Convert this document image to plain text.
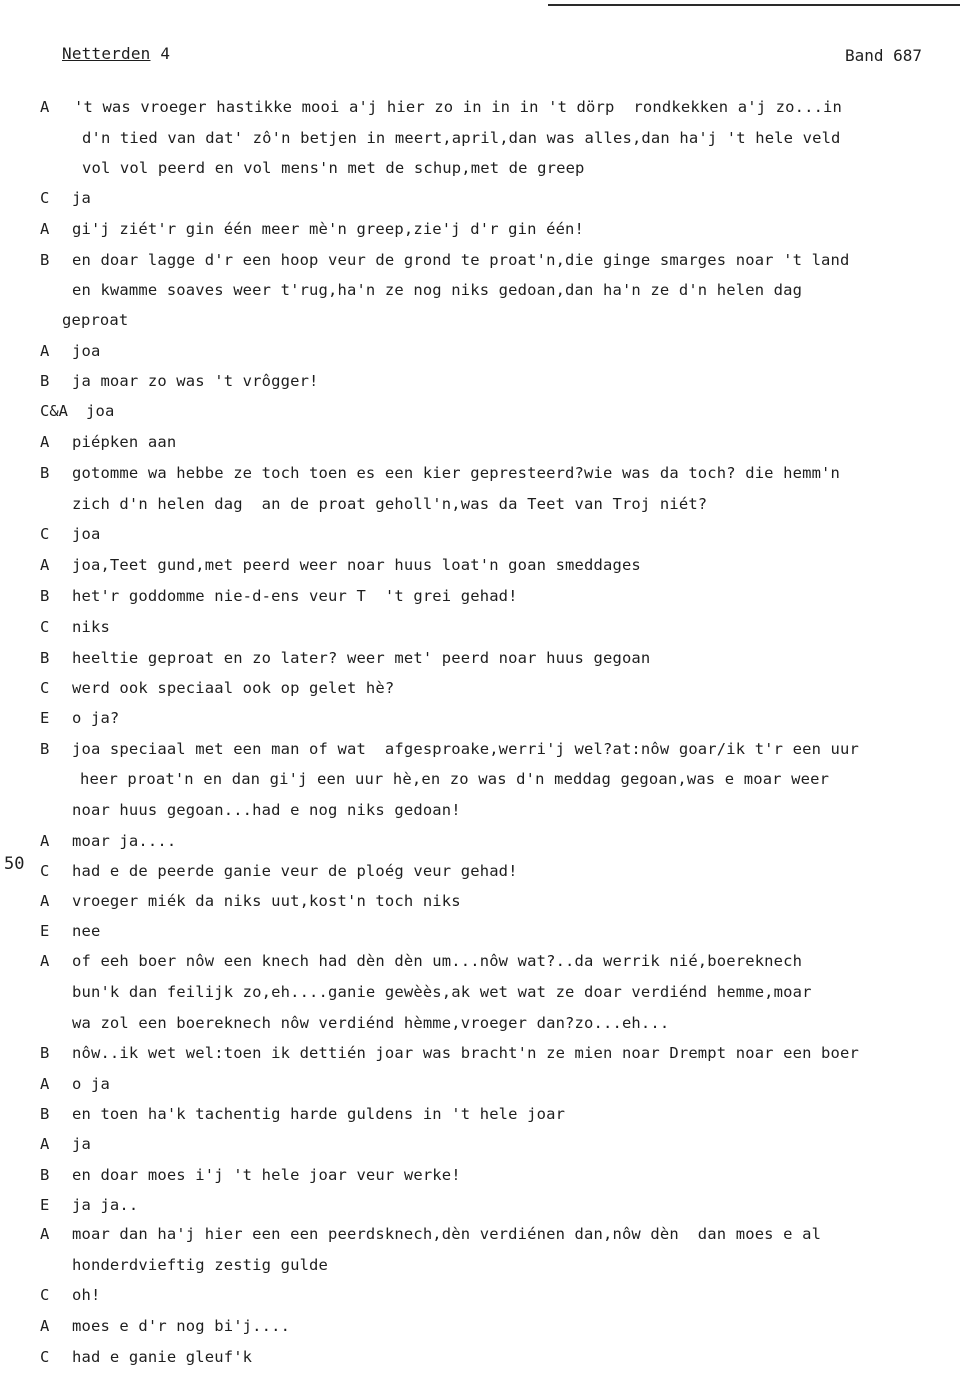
Netterden 4	Band 687
50
A 't was vroeger hastikke mooi a'j hier zo in in in 't dörp  rondkekken a'j zo...in
d'n tied van dat' zô'n betjen in meert,april,dan was alles,dan ha'j 't hele veld
vol vol peerd en vol mens'n met de schup,met de greep
C ja
A gi'j ziét'r gin één meer mè'n greep,zie'j d'r gin één!
B en doar lagge d'r een hoop veur de grond te proat'n,die ginge smarges noar 't land
en kwamme soaves weer t'rug,ha'n ze nog niks gedoan,dan ha'n ze d'n helen dag
geproat
A joa
B ja moar zo was 't vrôgger!
C&A joa
A piépken aan
B gotomme wa hebbe ze toch toen es een kier gepresteerd?wie was da toch? die hemm'n
zich d'n helen dag  an de proat geholl'n,was da Teet van Troj niét?
C joa
A joa,Teet gund,met peerd weer noar huus loat'n goan smeddages
B het'r goddomme nie-d-ens veur T  't grei gehad!
C niks
B heeltie geproat en zo later? weer met' peerd noar huus gegoan
C werd ook speciaal ook op gelet hè?
E o ja?
B joa speciaal met een man of wat  afgesproake,werri'j wel?at:nôw goar/ik t'r een uur
heer proat'n en dan gi'j een uur hè,en zo was d'n meddag gegoan,was e moar weer
noar huus gegoan...had e nog niks gedoan!
A moar ja....
C had e de peerde ganie veur de ploég veur gehad!
A vroeger miék da niks uut,kost'n toch niks
E nee
A of eeh boer nôw een knech had dèn dèn um...nôw wat?..da werrik nié,boereknech
bun'k dan feilijk zo,eh....ganie gewèès,ak wet wat ze doar verdiénd hemme,moar
wa zol een boereknech nôw verdiénd hèmme,vroeger dan?zo...eh...
B nôw..ik wet wel:toen ik dettién joar was bracht'n ze mien noar Drempt noar een boer
A o ja
B en toen ha'k tachentig harde guldens in 't hele joar
A ja
B en doar moes i'j 't hele joar veur werke!
E ja ja..
A moar dan ha'j hier een een peerdsknech,dèn verdiénen dan,nôw dèn  dan moes e al
honderdvieftig zestig gulde
C oh!
A moes e d'r nog bi'j....
C had e ganie gleuf'k
